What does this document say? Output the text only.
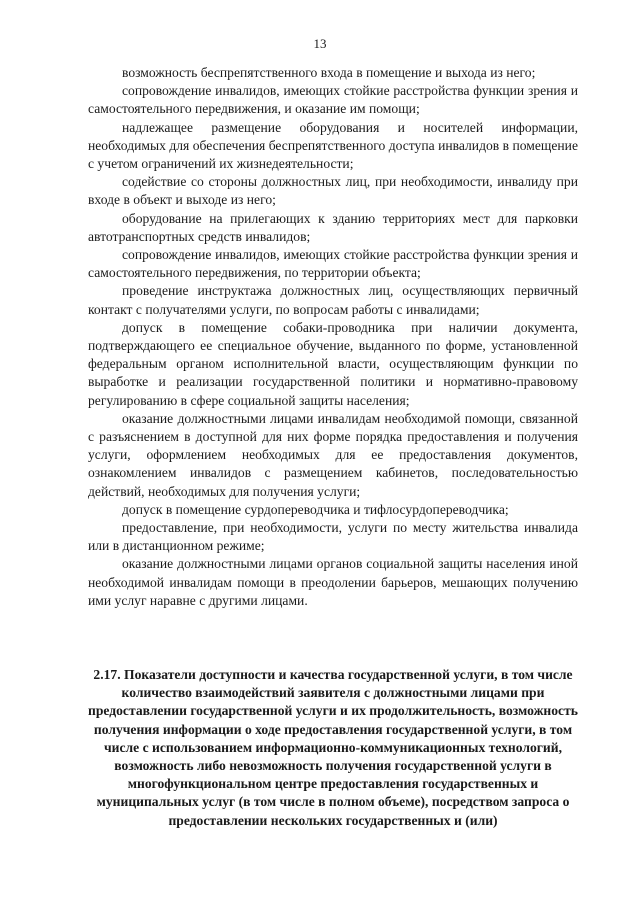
13

возможность беспрепятственного входа в помещение и выхода из него;

сопровождение инвалидов, имеющих стойкие расстройства функции зрения и самостоятельного передвижения, и оказание им помощи;

надлежащее размещение оборудования и носителей информации, необходимых для обеспечения беспрепятственного доступа инвалидов в помещение с учетом ограничений их жизнедеятельности;

содействие со стороны должностных лиц, при необходимости, инвалиду при входе в объект и выходе из него;

оборудование на прилегающих к зданию территориях мест для парковки автотранспортных средств инвалидов;

сопровождение инвалидов, имеющих стойкие расстройства функции зрения и самостоятельного передвижения, по территории объекта;

проведение инструктажа должностных лиц, осуществляющих первичный контакт с получателями услуги, по вопросам работы с инвалидами;

допуск в помещение собаки-проводника при наличии документа, подтверждающего ее специальное обучение, выданного по форме, установленной федеральным органом исполнительной власти, осуществляющим функции по выработке и реализации государственной политики и нормативно-правовому регулированию в сфере социальной защиты населения;

оказание должностными лицами инвалидам необходимой помощи, связанной с разъяснением в доступной для них форме порядка предоставления и получения услуги, оформлением необходимых для ее предоставления документов, ознакомлением инвалидов с размещением кабинетов, последовательностью действий, необходимых для получения услуги;

допуск в помещение сурдопереводчика и тифлосурдопереводчика;

предоставление, при необходимости, услуги по месту жительства инвалида или в дистанционном режиме;

оказание должностными лицами органов социальной защиты населения иной необходимой инвалидам помощи в преодолении барьеров, мешающих получению ими услуг наравне с другими лицами.

2.17. Показатели доступности и качества государственной услуги, в том числе количество взаимодействий заявителя с должностными лицами при предоставлении государственной услуги и их продолжительность, возможность получения информации о ходе предоставления государственной услуги, в том числе с использованием информационно-коммуникационных технологий, возможность либо невозможность получения государственной услуги в многофункциональном центре предоставления государственных и муниципальных услуг (в том числе в полном объеме), посредством запроса о предоставлении нескольких государственных и (или)
